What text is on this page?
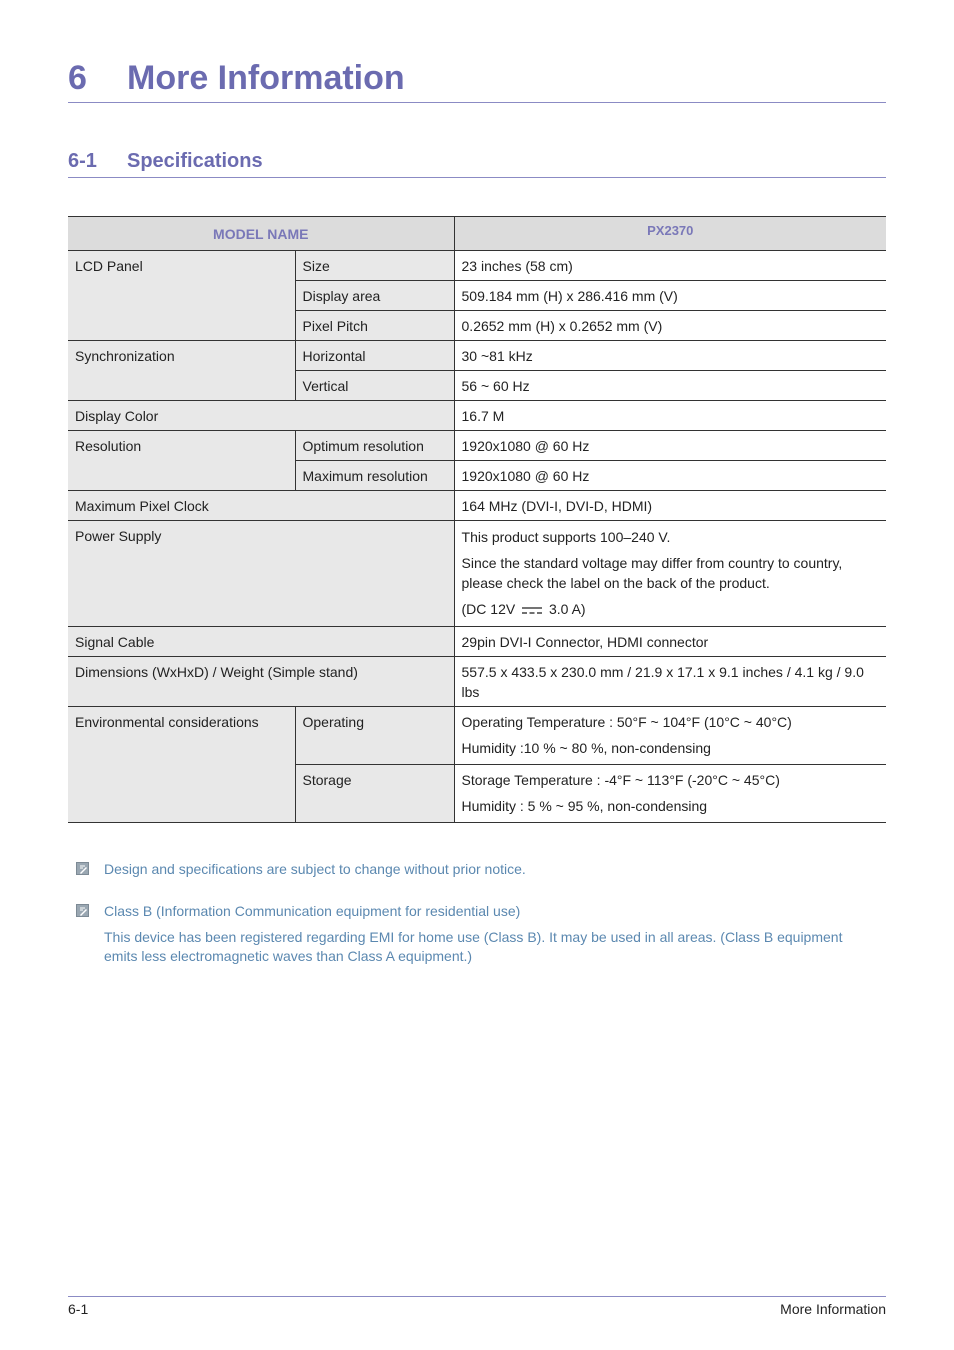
6 More Information
6-1 Specifications
MODEL NAME		PX2370
LCD Panel	Size	23 inches (58 cm)
	Display area	509.184 mm (H) x 286.416 mm (V)
	Pixel Pitch	0.2652 mm (H) x 0.2652 mm (V)
Synchronization	Horizontal	30 ~81 kHz
	Vertical	56 ~ 60 Hz
Display Color		16.7 M
Resolution	Optimum resolution	1920x1080 @ 60 Hz
	Maximum resolution	1920x1080 @ 60 Hz
Maximum Pixel Clock		164 MHz (DVI-I, DVI-D, HDMI)
Power Supply		This product supports 100–240 V.

Since the standard voltage may differ from country to country, please check the label on the back of the product.

(DC 12V 3.0 A)

Signal Cable		29pin DVI-I Connector, HDMI connector
Dimensions (WxHxD) / Weight (Simple stand)		557.5 x 433.5 x 230.0 mm / 21.9 x 17.1 x 9.1 inches / 4.1 kg / 9.0 lbs
Environmental considerations	Operating	Operating Temperature : 50°F ~ 104°F (10°C ~ 40°C)

Humidity :10 % ~ 80 %, non-condensing

	Storage	Storage Temperature : -4°F ~ 113°F (-20°C ~ 45°C)

Humidity : 5 % ~ 95 %, non-condensing

Design and specifications are subject to change without prior notice.

Class B (Information Communication equipment for residential use)

This device has been registered regarding EMI for home use (Class B). It may be used in all areas. (Class B equipment emits less electromagnetic waves than Class A equipment.)

6-1	More Information
